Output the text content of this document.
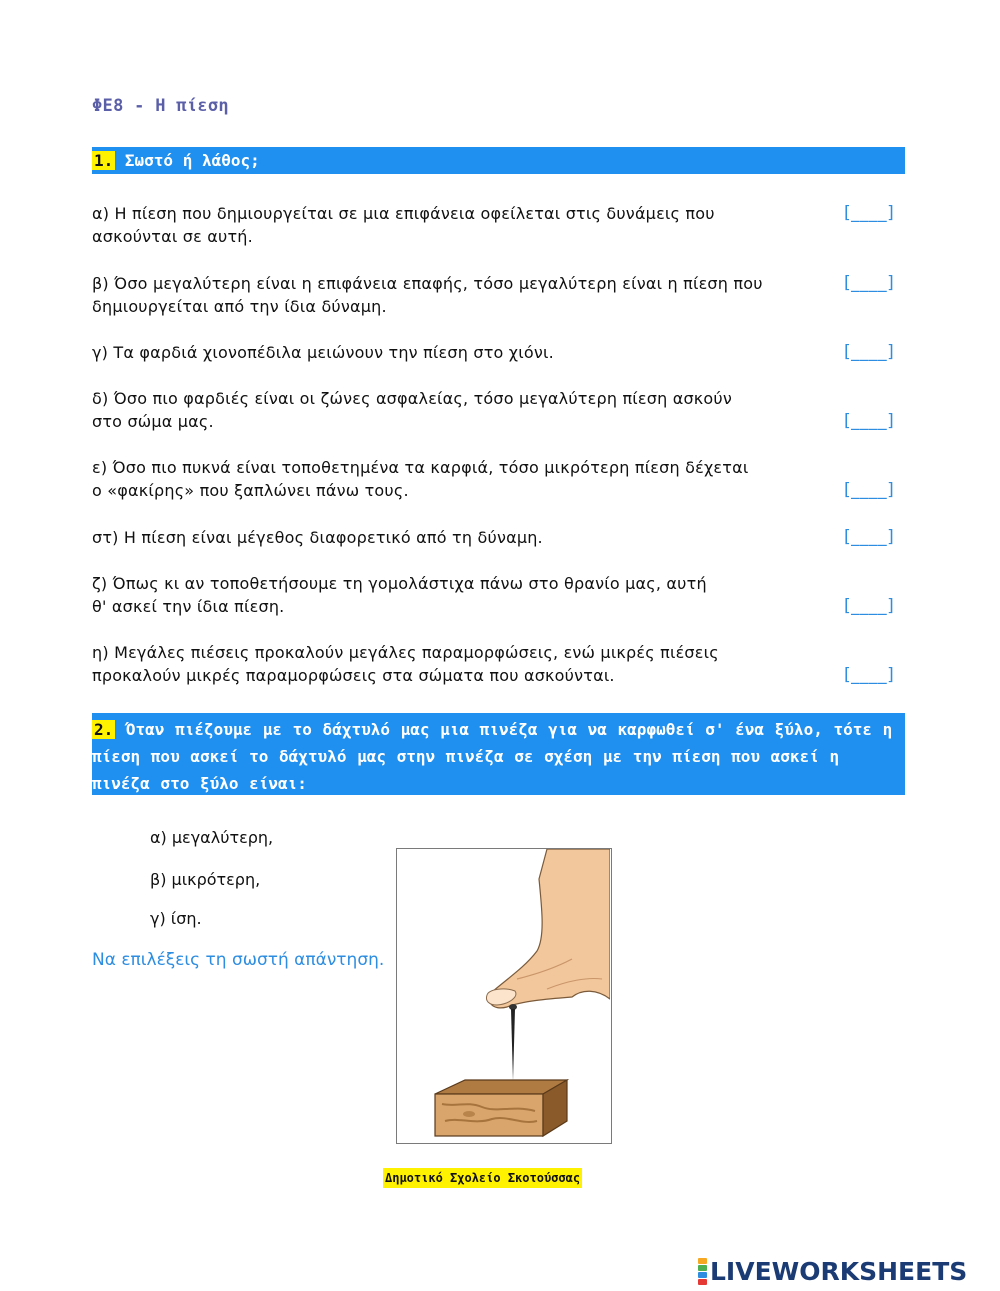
ΦΕ8 - Η πίεση
1. Σωστό ή λάθος;
α) Η πίεση που δημιουργείται σε μια επιφάνεια οφείλεται στις δυνάμεις που
ασκούνται σε αυτή.
[____]
β) Όσο μεγαλύτερη είναι η επιφάνεια επαφής, τόσο μεγαλύτερη είναι η πίεση που
δημιουργείται από την ίδια δύναμη.
[____]
γ) Τα φαρδιά χιονοπέδιλα μειώνουν την πίεση στο χιόνι.	[____]
δ) Όσο πιο φαρδιές είναι οι ζώνες ασφαλείας, τόσο μεγαλύτερη πίεση ασκούν
στο σώμα μας.	[____]
ε) Όσο πιο πυκνά είναι τοποθετημένα τα καρφιά, τόσο μικρότερη πίεση δέχεται
ο «φακίρης» που ξαπλώνει πάνω τους.	[____]
στ) Η πίεση είναι μέγεθος διαφορετικό από τη δύναμη.	[____]
ζ) Όπως κι αν τοποθετήσουμε τη γομολάστιχα πάνω στο θρανίο μας, αυτή
θ' ασκεί την ίδια πίεση.	[____]
η) Μεγάλες πιέσεις προκαλούν μεγάλες παραμορφώσεις, ενώ μικρές πιέσεις
προκαλούν μικρές παραμορφώσεις στα σώματα που ασκούνται.	[____]
2. Όταν πιέζουμε με το δάχτυλό μας μια πινέζα για να καρφωθεί σ' ένα ξύλο, τότε η πίεση που ασκεί το δάχτυλό μας στην πινέζα σε σχέση με την πίεση που ασκεί η πινέζα στο ξύλο είναι:
α) μεγαλύτερη,
β) μικρότερη,
γ) ίση.
Να επιλέξεις τη σωστή απάντηση.
Δημοτικό Σχολείο Σκοτούσσας
LIVEWORKSHEETS
